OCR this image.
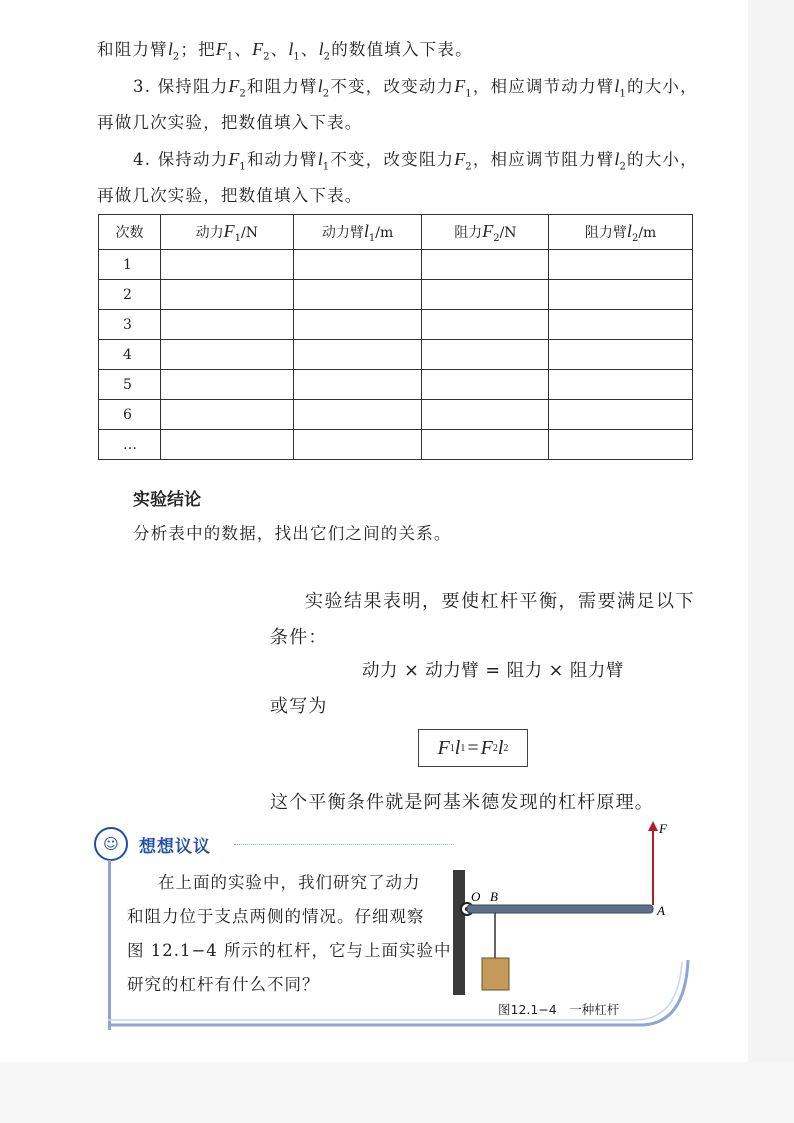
和阻力臂$l_2$；把$F_1$、$F_2$、$l_1$、$l_2$的数值填入下表。
3. 保持阻力$F_2$和阻力臂$l_2$不变，改变动力$F_1$，相应调节动力臂$l_1$的大小，
再做几次实验，把数值填入下表。
4. 保持动力$F_1$和动力臂$l_1$不变，改变阻力$F_2$，相应调节阻力臂$l_2$的大小，
再做几次实验，把数值填入下表。
次数	动力$F_1/N$	动力臂$l_1/m$	阻力$F_2/N$	阻力臂$l_2/m$
1				
2				
3				
4				
5				
6				
…				
实验结论
分析表中的数据，找出它们之间的关系。
实验结果表明，要使杠杆平衡，需要满足以下
条件：
动力 × 动力臂 = 阻力 × 阻力臂
或写为
F 1 l 1 = F 2 l 2
这个平衡条件就是阿基米德发现的杠杆原理。
☺	想想议议
在上面的实验中，我们研究了动力
和阻力位于支点两侧的情况。仔细观察
图 12.1−4 所示的杠杆，它与上面实验中
研究的杠杆有什么不同？
F
O B
A
图12.1−4　一种杠杆
